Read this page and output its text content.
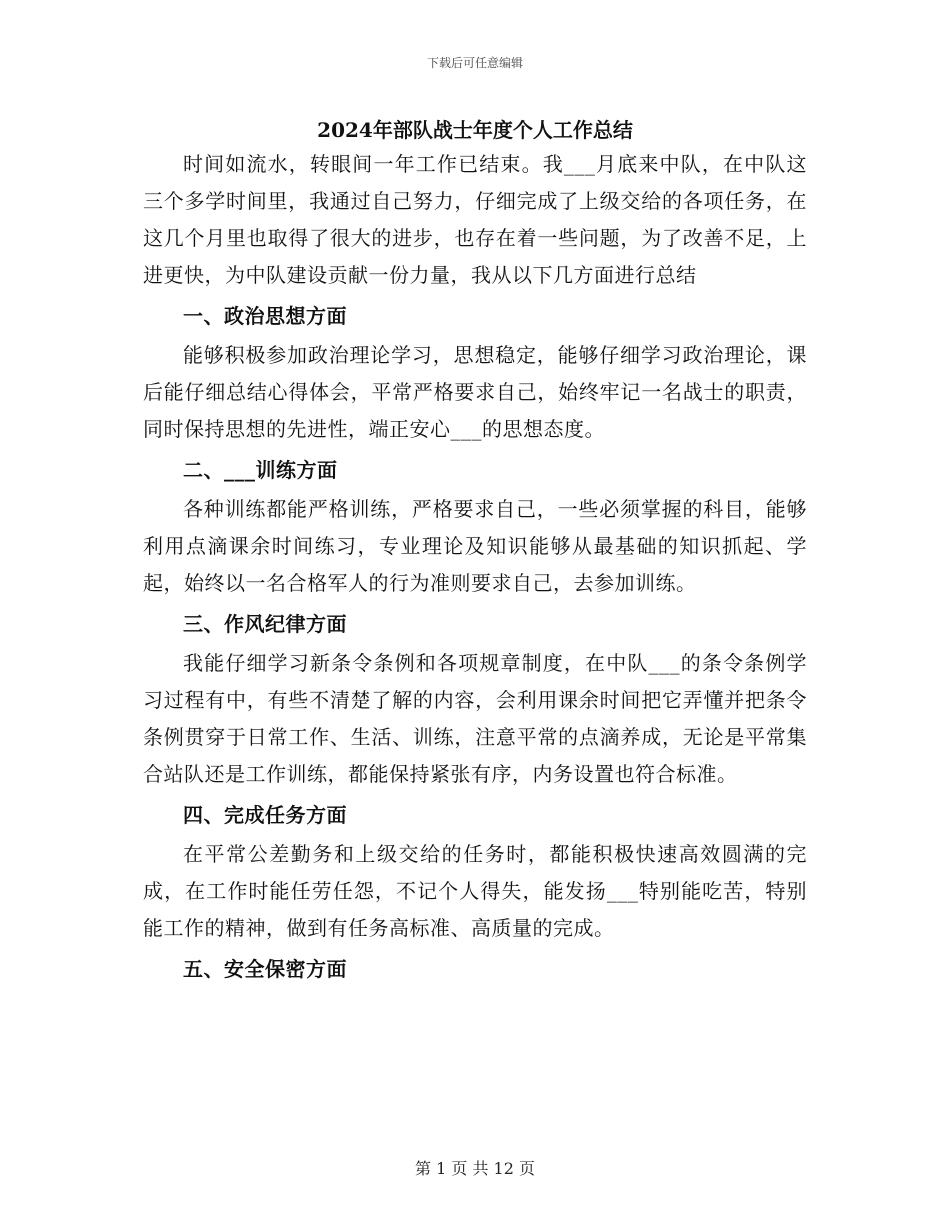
下载后可任意编辑
2024年部队战士年度个人工作总结

时间如流水，转眼间一年工作已结束。我___月底来中队，在中队这三个多学时间里，我通过自己努力，仔细完成了上级交给的各项任务，在这几个月里也取得了很大的进步，也存在着一些问题，为了改善不足，上进更快，为中队建设贡献一份力量，我从以下几方面进行总结

一、政治思想方面

能够积极参加政治理论学习，思想稳定，能够仔细学习政治理论，课后能仔细总结心得体会，平常严格要求自己，始终牢记一名战士的职责，同时保持思想的先进性，端正安心___的思想态度。

二、___训练方面

各种训练都能严格训练，严格要求自己，一些必须掌握的科目，能够利用点滴课余时间练习，专业理论及知识能够从最基础的知识抓起、学起，始终以一名合格军人的行为准则要求自己，去参加训练。

三、作风纪律方面

我能仔细学习新条令条例和各项规章制度，在中队___的条令条例学习过程有中，有些不清楚了解的内容，会利用课余时间把它弄懂并把条令条例贯穿于日常工作、生活、训练，注意平常的点滴养成，无论是平常集合站队还是工作训练，都能保持紧张有序，内务设置也符合标准。

四、完成任务方面

在平常公差勤务和上级交给的任务时，都能积极快速高效圆满的完成，在工作时能任劳任怨，不记个人得失，能发扬___特别能吃苦，特别能工作的精神，做到有任务高标准、高质量的完成。

五、安全保密方面
第 1 页 共 12 页
